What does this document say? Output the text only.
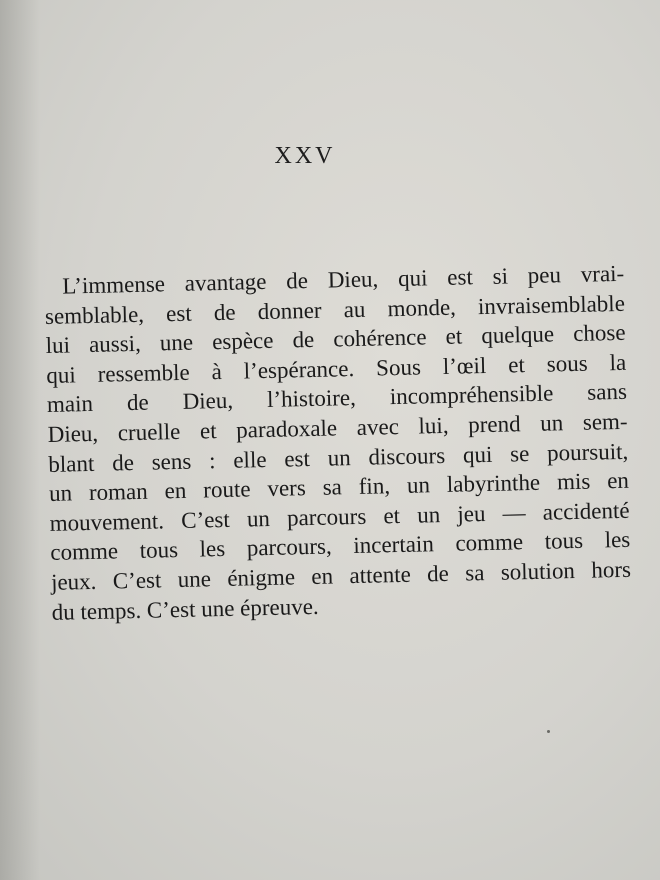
XXV
L’immense avantage de Dieu, qui est si peu vrai-
semblable, est de donner au monde, invraisemblable
lui aussi, une espèce de cohérence et quelque chose
qui ressemble à l’espérance. Sous l’œil et sous la
main de Dieu, l’histoire, incompréhensible sans
Dieu, cruelle et paradoxale avec lui, prend un sem-
blant de sens : elle est un discours qui se poursuit,
un roman en route vers sa fin, un labyrinthe mis en
mouvement. C’est un parcours et un jeu — accidenté
comme tous les parcours, incertain comme tous les
jeux. C’est une énigme en attente de sa solution hors
du temps. C’est une épreuve.
